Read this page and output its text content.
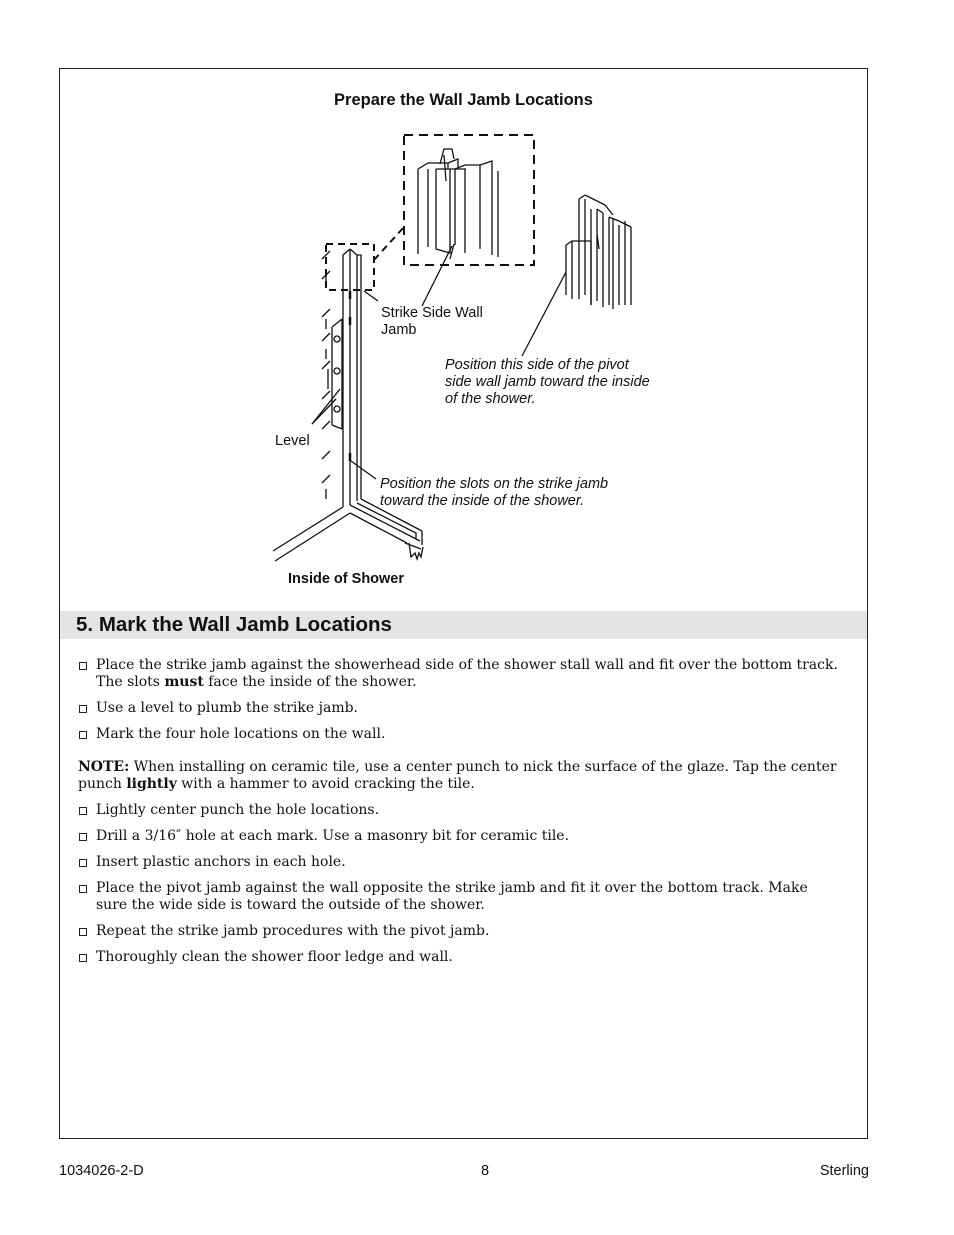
Prepare the Wall Jamb Locations
Strike Side Wall Jamb
Position this side of the pivot side wall jamb toward the inside of the shower.
Level
Position the slots on the strike jamb toward the inside of the shower.
Inside of Shower
5. Mark the Wall Jamb Locations
Place the strike jamb against the showerhead side of the shower stall wall and fit over the bottom track. The slots must face the inside of the shower.
Use a level to plumb the strike jamb.
Mark the four hole locations on the wall.
NOTE: When installing on ceramic tile, use a center punch to nick the surface of the glaze. Tap the center punch lightly with a hammer to avoid cracking the tile.
Lightly center punch the hole locations.
Drill a 3/16″ hole at each mark. Use a masonry bit for ceramic tile.
Insert plastic anchors in each hole.
Place the pivot jamb against the wall opposite the strike jamb and fit it over the bottom track. Make sure the wide side is toward the outside of the shower.
Repeat the strike jamb procedures with the pivot jamb.
Thoroughly clean the shower floor ledge and wall.
1034026-2-D	8	Sterling
